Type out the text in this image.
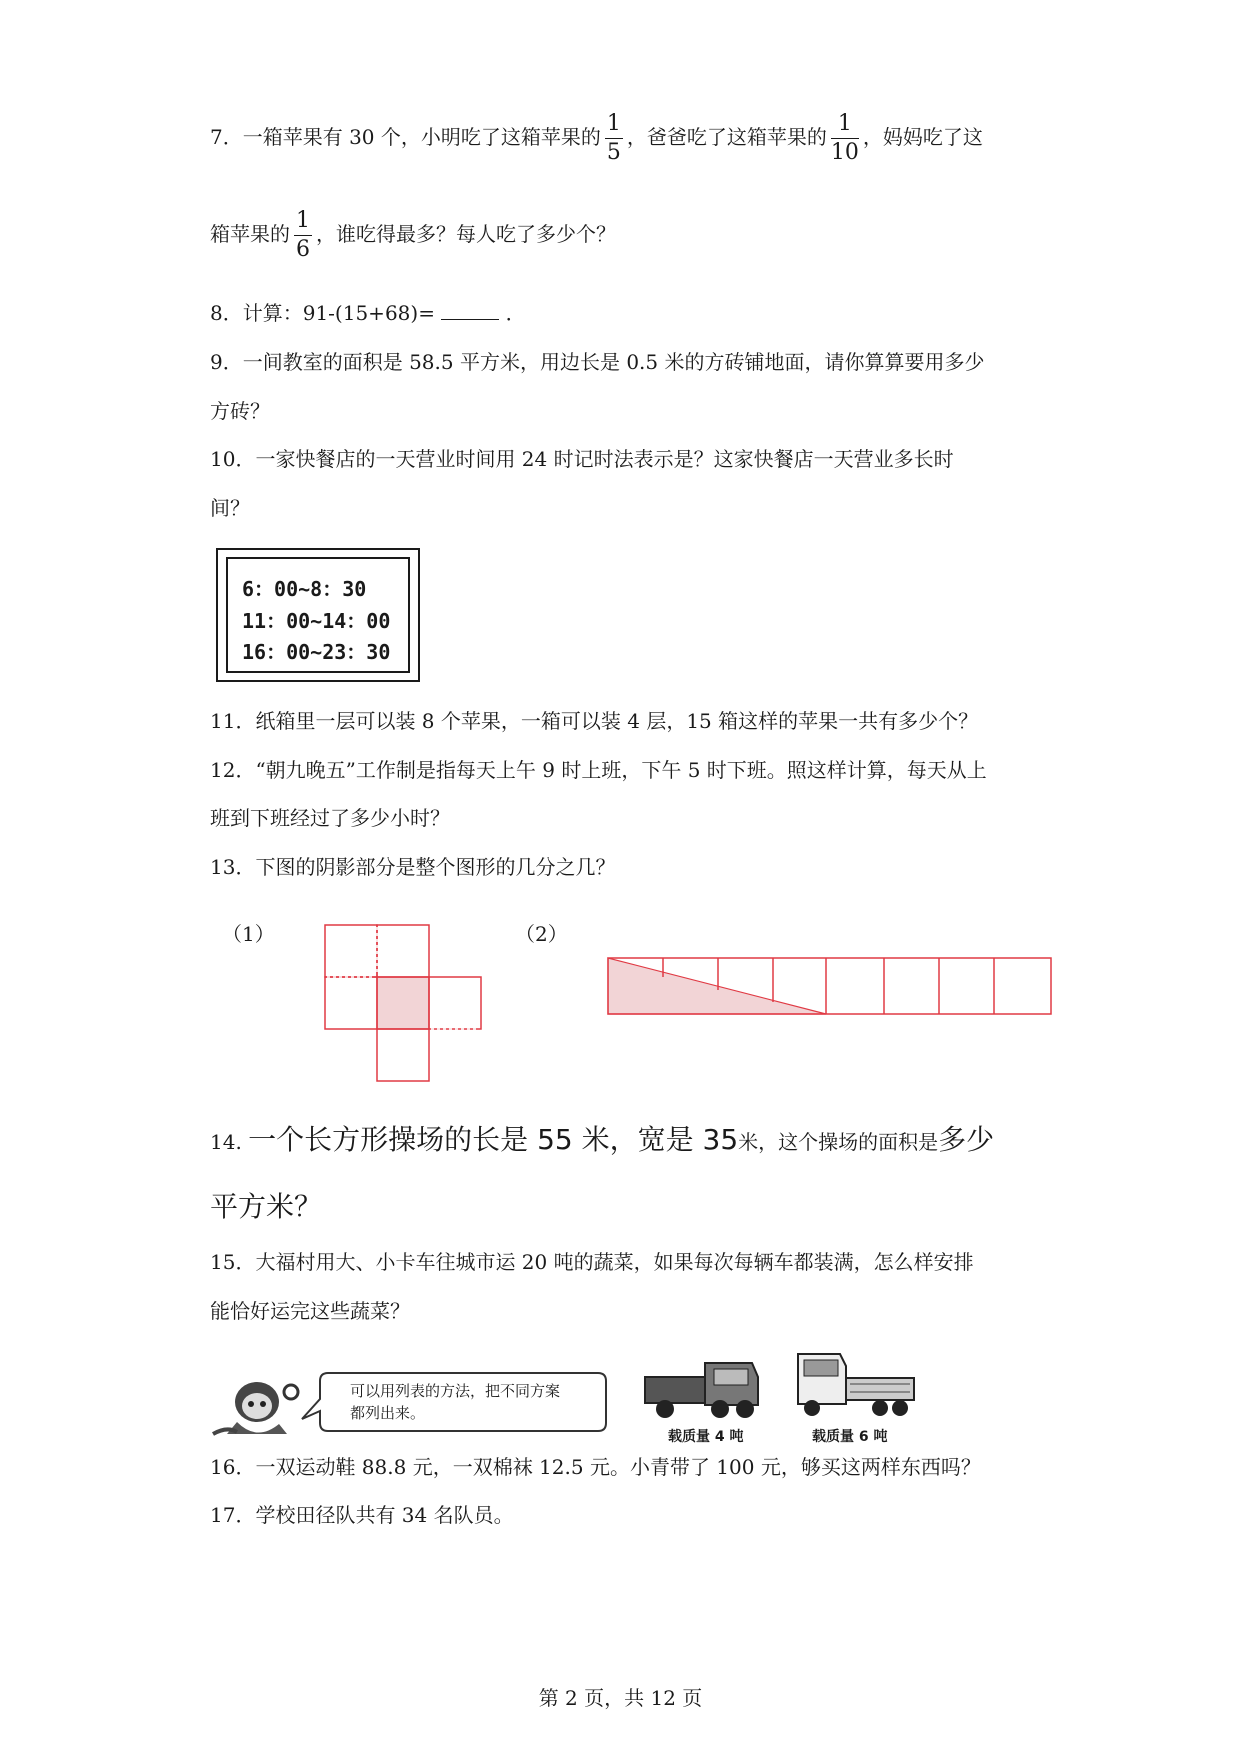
7．一箱苹果有 30 个，小明吃了这箱苹果的 $\frac{1}{5}$ ，爸爸吃了这箱苹果的 $\frac{1}{10}$ ，妈妈吃了这
箱苹果的 $\frac{1}{6}$ ，谁吃得最多？每人吃了多少个？
8．计算：91-(15+68)=	．
9．一间教室的面积是 58.5 平方米，用边长是 0.5 米的方砖铺地面，请你算算要用多少
方砖？
10．一家快餐店的一天营业时间用 24 时记时法表示是？这家快餐店一天营业多长时
间？
6：00~8：30
11：00~14：00
16：00~23：30
11．纸箱里一层可以装 8 个苹果，一箱可以装 4 层，15 箱这样的苹果一共有多少个？
12．“朝九晚五”工作制是指每天上午 9 时上班，下午 5 时下班。照这样计算，每天从上
班到下班经过了多少小时？
13．下图的阴影部分是整个图形的几分之几？
（1）	（2）
14. 一个长方形操场的长是 55 米，宽是 35米，这个操场的面积是多少
平方米？
15．大福村用大、小卡车往城市运 20 吨的蔬菜，如果每次每辆车都装满，怎么样安排
能恰好运完这些蔬菜？
可以用列表的方法，把不同方案
都列出来。
载质量 4 吨	载质量 6 吨
16．一双运动鞋 88.8 元，一双棉袜 12.5 元。小青带了 100 元，够买这两样东西吗？
17．学校田径队共有 34 名队员。
第 2 页，共 12 页
